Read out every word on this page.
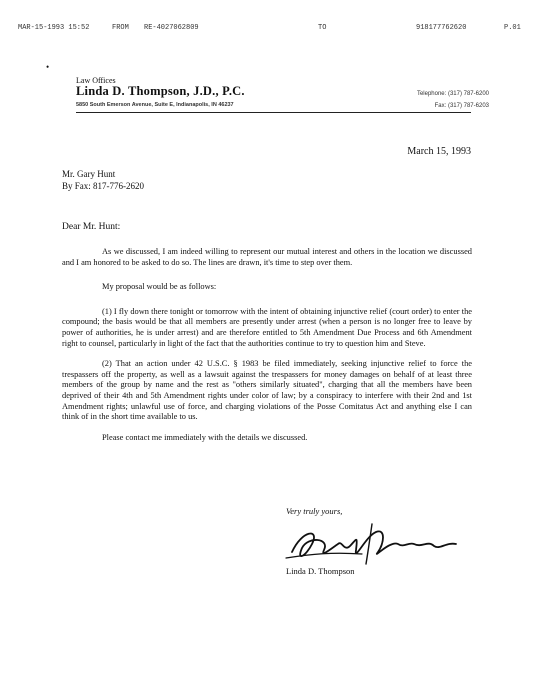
MAR-15-1993 15:52	FROM RE-4027062809	TO	918177762620	P.01
•
Law Offices
Linda D. Thompson, J.D., P.C.
5850 South Emerson Avenue, Suite E, Indianapolis, IN 46237
Telephone: (317) 787-6200
Fax: (317) 787-6203
March 15, 1993
Mr. Gary Hunt
By Fax: 817-776-2620
Dear Mr. Hunt:

As we discussed, I am indeed willing to represent our mutual interest and others in the location we discussed and I am honored to be asked to do so. The lines are drawn, it's time to step over them.

My proposal would be as follows:

(1) I fly down there tonight or tomorrow with the intent of obtaining injunctive relief (court order) to enter the compound; the basis would be that all members are presently under arrest (when a person is no longer free to leave by power of authorities, he is under arrest) and are therefore entitled to 5th Amendment Due Process and 6th Amendment right to counsel, particularly in light of the fact that the authorities continue to try to question him and Steve.

(2) That an action under 42 U.S.C. § 1983 be filed immediately, seeking injunctive relief to force the trespassers off the property, as well as a lawsuit against the trespassers for money damages on behalf of at least three members of the group by name and the rest as "others similarly situated", charging that all the members have been deprived of their 4th and 5th Amendment rights under color of law; by a conspiracy to interfere with their 2nd and 1st Amendment rights; unlawful use of force, and charging violations of the Posse Comitatus Act and anything else I can think of in the short time available to us.

Please contact me immediately with the details we discussed.

Very truly yours,
Linda D. Thompson
